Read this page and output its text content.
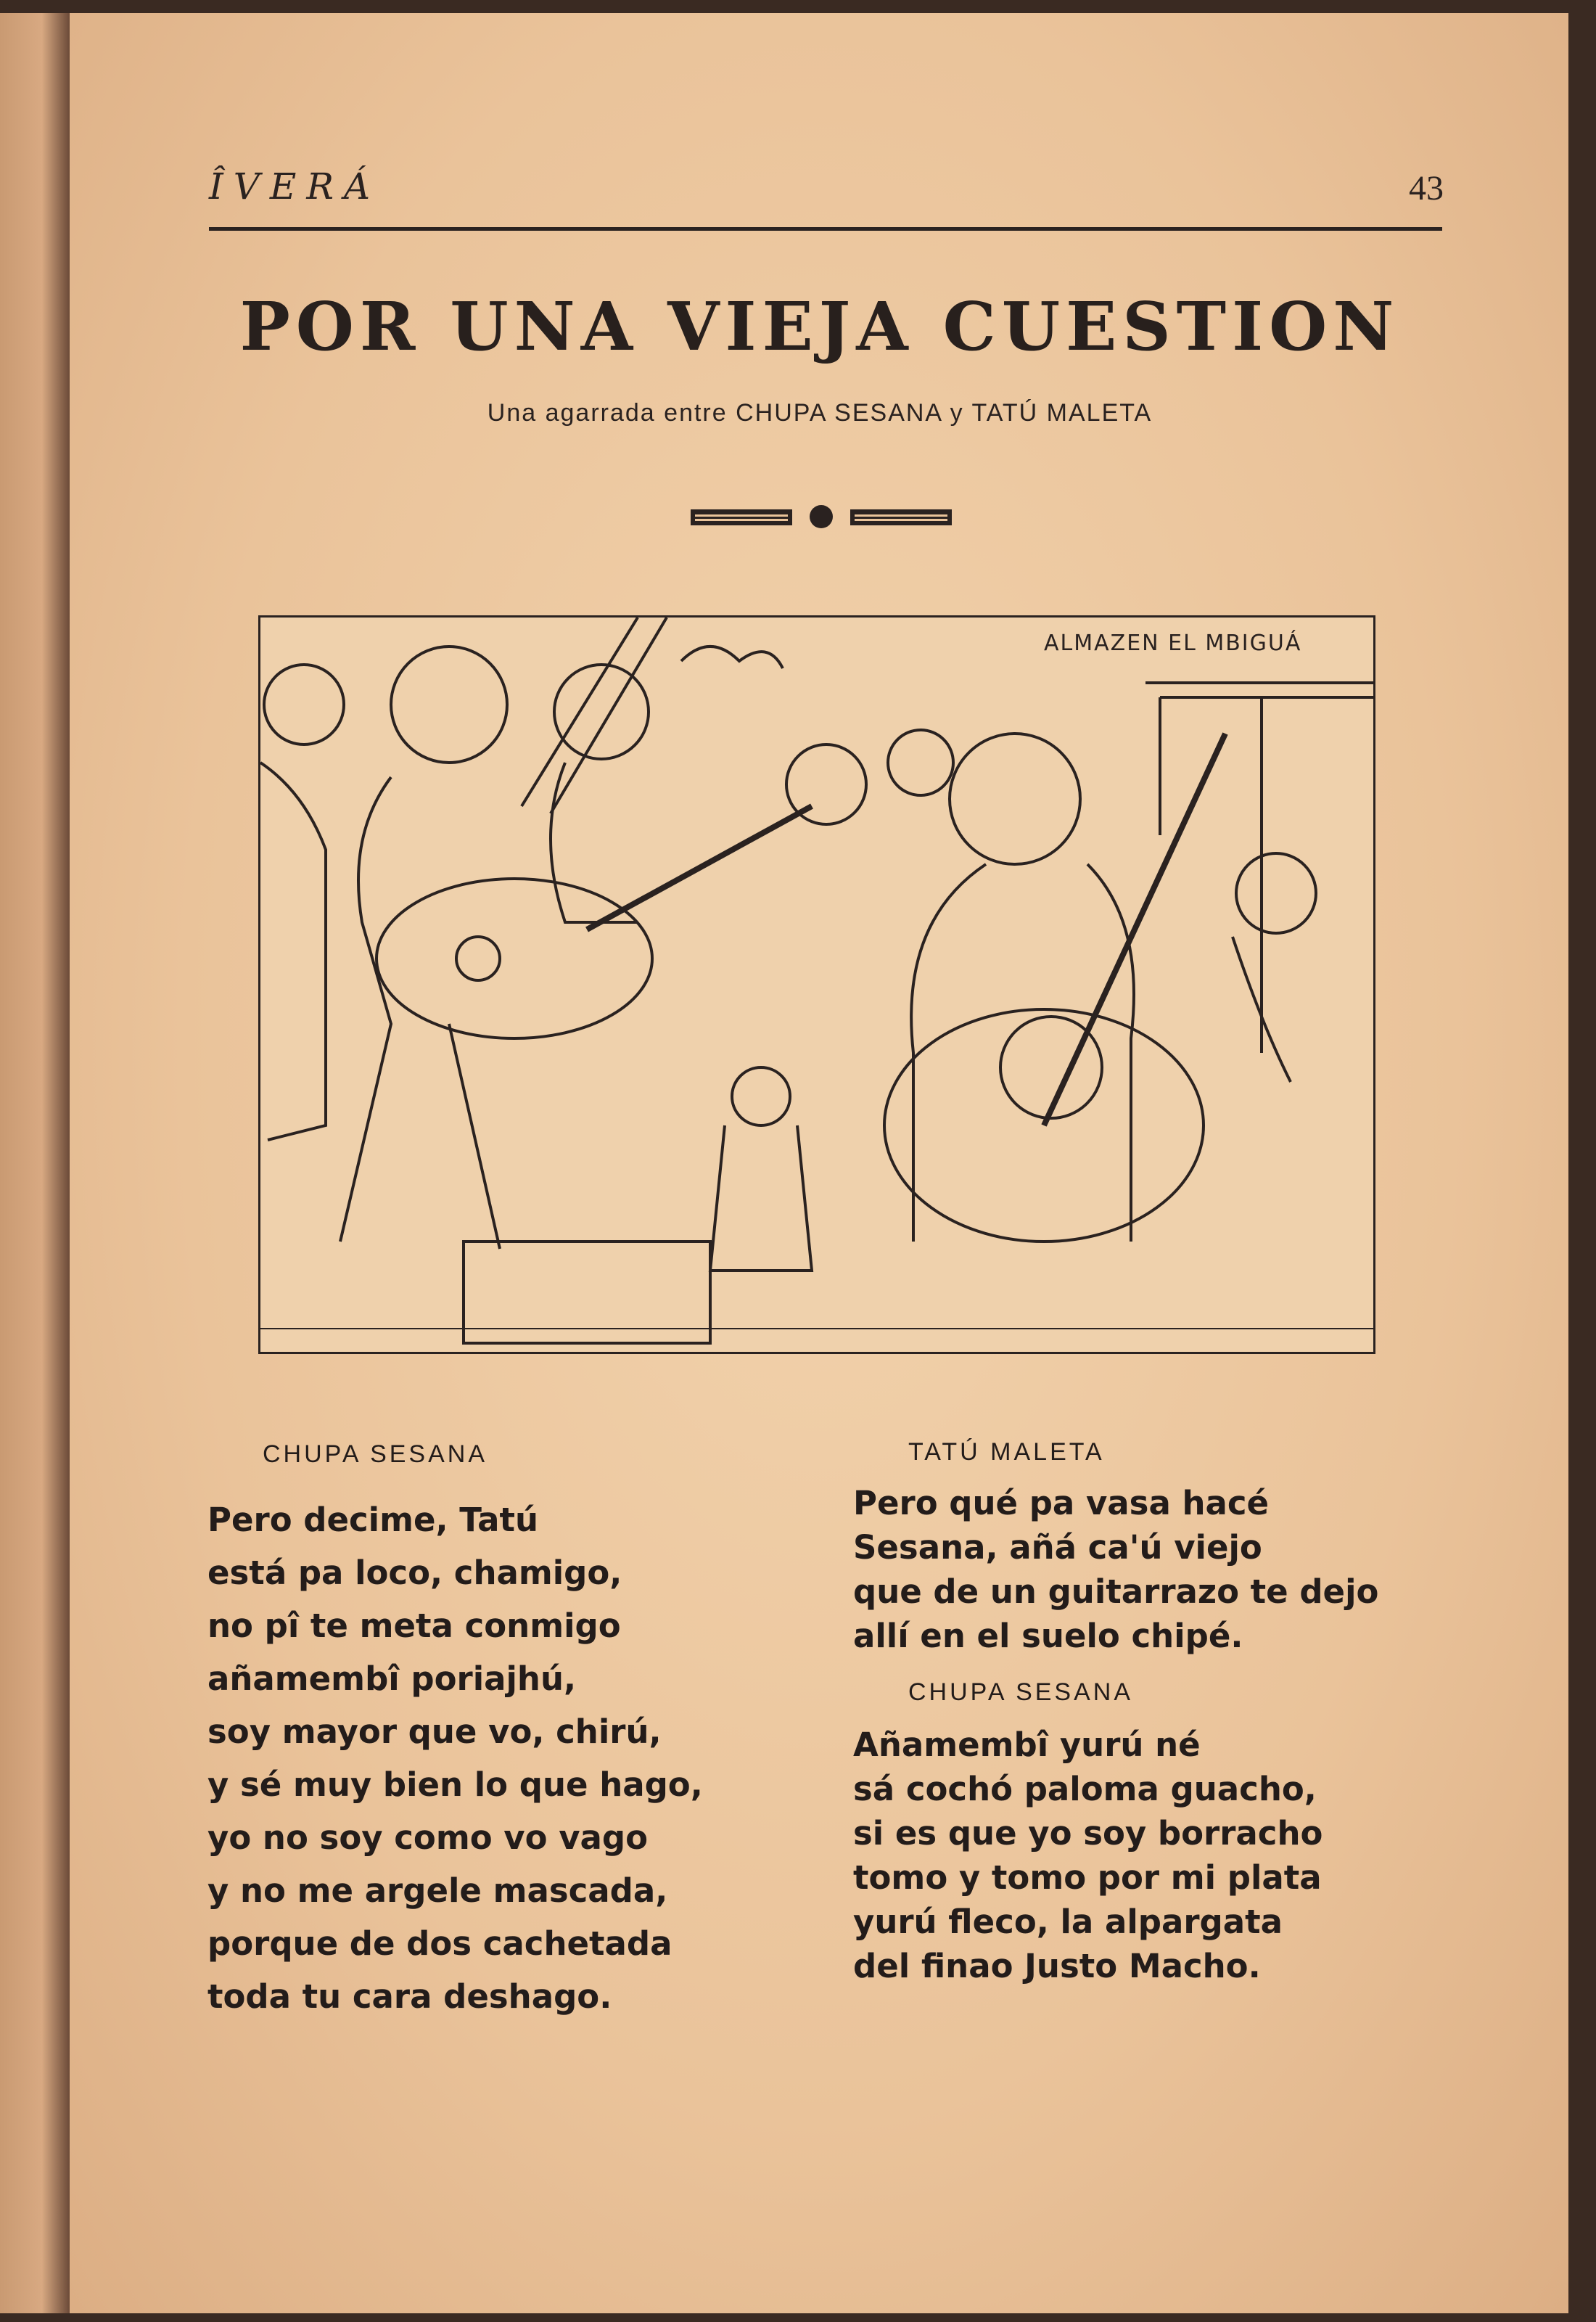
ÎVERÁ	43
POR UNA VIEJA CUESTION
Una agarrada entre CHUPA SESANA y TATÚ MALETA
ALMAZEN EL MBIGUÁ
CHUPA SESANA
Pero decime, Tatú
está pa loco, chamigo,
no pî te meta conmigo
añamembî poriajhú,
soy mayor que vo, chirú,
y sé muy bien lo que hago,
yo no soy como vo vago
y no me argele mascada,
porque de dos cachetada
toda tu cara deshago.
TATÚ MALETA
Pero qué pa vasa hacé
Sesana, añá ca'ú viejo
que de un guitarrazo te dejo
allí en el suelo chipé.
CHUPA SESANA
Añamembî yurú né
sá cochó paloma guacho,
si es que yo soy borracho
tomo y tomo por mi plata
yurú fleco, la alpargata
del finao Justo Macho.
